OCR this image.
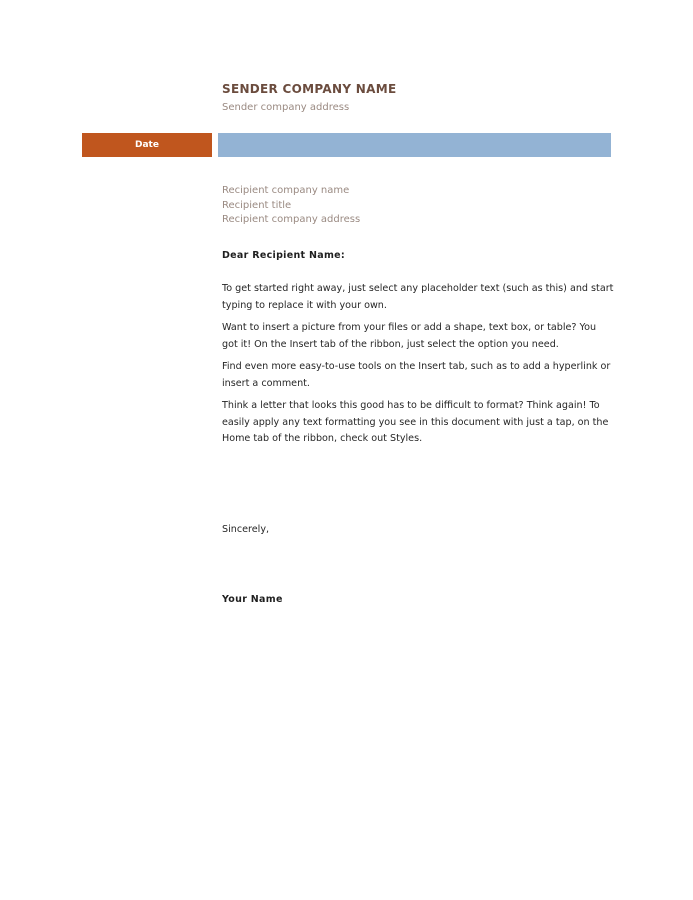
SENDER COMPANY NAME
Sender company address
Date
Recipient company name
Recipient title
Recipient company address
Dear Recipient Name:

To get started right away, just select any placeholder text (such as this) and start typing to replace it with your own.

Want to insert a picture from your files or add a shape, text box, or table? You got it! On the Insert tab of the ribbon, just select the option you need.

Find even more easy-to-use tools on the Insert tab, such as to add a hyperlink or insert a comment.

Think a letter that looks this good has to be difficult to format? Think again! To easily apply any text formatting you see in this document with just a tap, on the Home tab of the ribbon, check out Styles.

Sincerely,
Your Name
